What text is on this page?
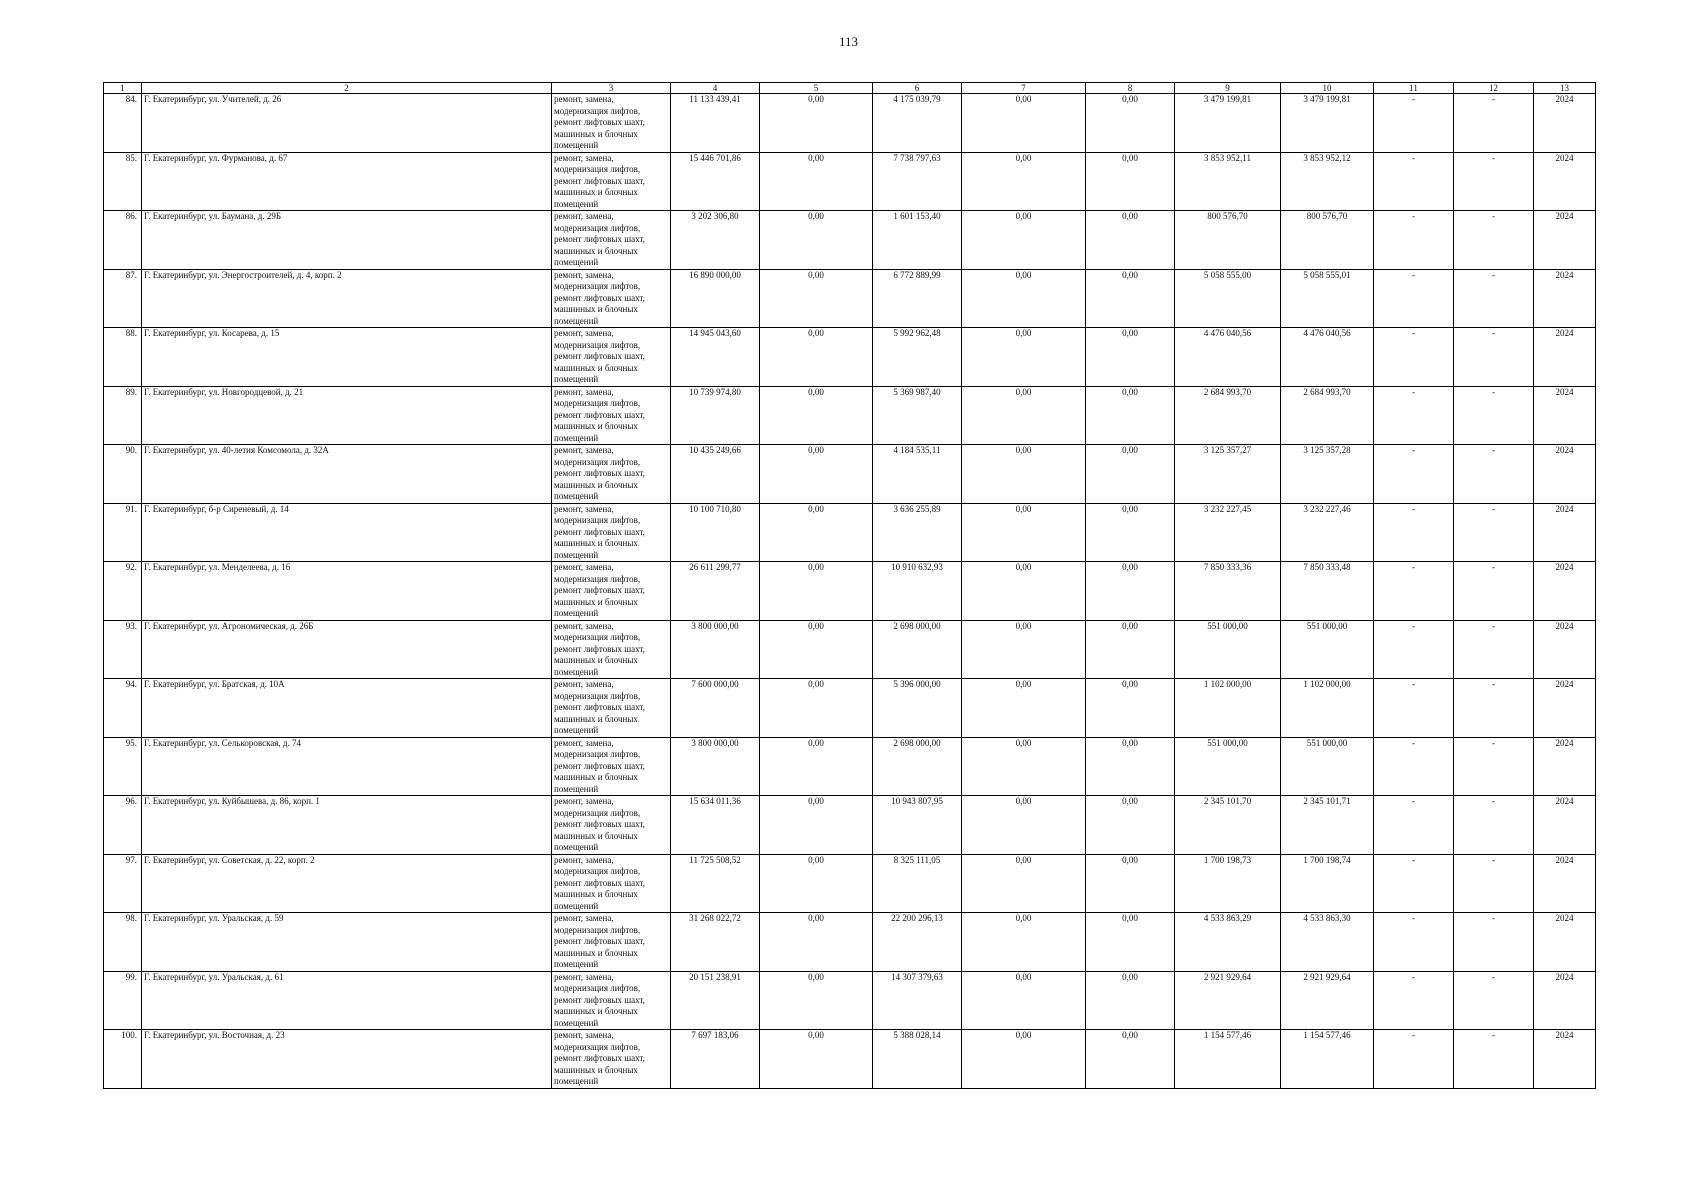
113
1	2	3	4	5	6	7	8	9	10	11	12	13
84.	Г. Екатеринбург, ул. Учителей, д. 26	ремонт, замена, модернизация лифтов, ремонт лифтовых шахт, машинных и блочных помещений	11 133 439,41	0,00	4 175 039,79	0,00	0,00	3 479 199,81	3 479 199,81	-	-	2024
85.	Г. Екатеринбург, ул. Фурманова, д. 67	ремонт, замена, модернизация лифтов, ремонт лифтовых шахт, машинных и блочных помещений	15 446 701,86	0,00	7 738 797,63	0,00	0,00	3 853 952,11	3 853 952,12	-	-	2024
86.	Г. Екатеринбург, ул. Бауманa, д. 29Б	ремонт, замена, модернизация лифтов, ремонт лифтовых шахт, машинных и блочных помещений	3 202 306,80	0,00	1 601 153,40	0,00	0,00	800 576,70	800 576,70	-	-	2024
87.	Г. Екатеринбург, ул. Энергостроителей, д. 4, корп. 2	ремонт, замена, модернизация лифтов, ремонт лифтовых шахт, машинных и блочных помещений	16 890 000,00	0,00	6 772 889,99	0,00	0,00	5 058 555,00	5 058 555,01	-	-	2024
88.	Г. Екатеринбург, ул. Косарева, д. 15	ремонт, замена, модернизация лифтов, ремонт лифтовых шахт, машинных и блочных помещений	14 945 043,60	0,00	5 992 962,48	0,00	0,00	4 476 040,56	4 476 040,56	-	-	2024
89.	Г. Екатеринбург, ул. Новгородцевой, д. 21	ремонт, замена, модернизация лифтов, ремонт лифтовых шахт, машинных и блочных помещений	10 739 974,80	0,00	5 369 987,40	0,00	0,00	2 684 993,70	2 684 993,70	-	-	2024
90.	Г. Екатеринбург, ул. 40-летия Комсомола, д. 32А	ремонт, замена, модернизация лифтов, ремонт лифтовых шахт, машинных и блочных помещений	10 435 249,66	0,00	4 184 535,11	0,00	0,00	3 125 357,27	3 125 357,28	-	-	2024
91.	Г. Екатеринбург, б-р Сиреневый, д. 14	ремонт, замена, модернизация лифтов, ремонт лифтовых шахт, машинных и блочных помещений	10 100 710,80	0,00	3 636 255,89	0,00	0,00	3 232 227,45	3 232 227,46	-	-	2024
92.	Г. Екатеринбург, ул. Менделеева, д. 16	ремонт, замена, модернизация лифтов, ремонт лифтовых шахт, машинных и блочных помещений	26 611 299,77	0,00	10 910 632,93	0,00	0,00	7 850 333,36	7 850 333,48	-	-	2024
93.	Г. Екатеринбург, ул. Агрономическая, д. 26Б	ремонт, замена, модернизация лифтов, ремонт лифтовых шахт, машинных и блочных помещений	3 800 000,00	0,00	2 698 000,00	0,00	0,00	551 000,00	551 000,00	-	-	2024
94.	Г. Екатеринбург, ул. Братская, д. 10А	ремонт, замена, модернизация лифтов, ремонт лифтовых шахт, машинных и блочных помещений	7 600 000,00	0,00	5 396 000,00	0,00	0,00	1 102 000,00	1 102 000,00	-	-	2024
95.	Г. Екатеринбург, ул. Селькоровская, д. 74	ремонт, замена, модернизация лифтов, ремонт лифтовых шахт, машинных и блочных помещений	3 800 000,00	0,00	2 698 000,00	0,00	0,00	551 000,00	551 000,00	-	-	2024
96.	Г. Екатеринбург, ул. Куйбышева, д. 86, корп. 1	ремонт, замена, модернизация лифтов, ремонт лифтовых шахт, машинных и блочных помещений	15 634 011,36	0,00	10 943 807,95	0,00	0,00	2 345 101,70	2 345 101,71	-	-	2024
97.	Г. Екатеринбург, ул. Советская, д. 22, корп. 2	ремонт, замена, модернизация лифтов, ремонт лифтовых шахт, машинных и блочных помещений	11 725 508,52	0,00	8 325 111,05	0,00	0,00	1 700 198,73	1 700 198,74	-	-	2024
98.	Г. Екатеринбург, ул. Уральская, д. 59	ремонт, замена, модернизация лифтов, ремонт лифтовых шахт, машинных и блочных помещений	31 268 022,72	0,00	22 200 296,13	0,00	0,00	4 533 863,29	4 533 863,30	-	-	2024
99.	Г. Екатеринбург, ул. Уральская, д. 61	ремонт, замена, модернизация лифтов, ремонт лифтовых шахт, машинных и блочных помещений	20 151 238,91	0,00	14 307 379,63	0,00	0,00	2 921 929,64	2 921 929,64	-	-	2024
100.	Г. Екатеринбург, ул. Восточная, д. 23	ремонт, замена, модернизация лифтов, ремонт лифтовых шахт, машинных и блочных помещений	7 697 183,06	0,00	5 388 028,14	0,00	0,00	1 154 577,46	1 154 577,46	-	-	2024
